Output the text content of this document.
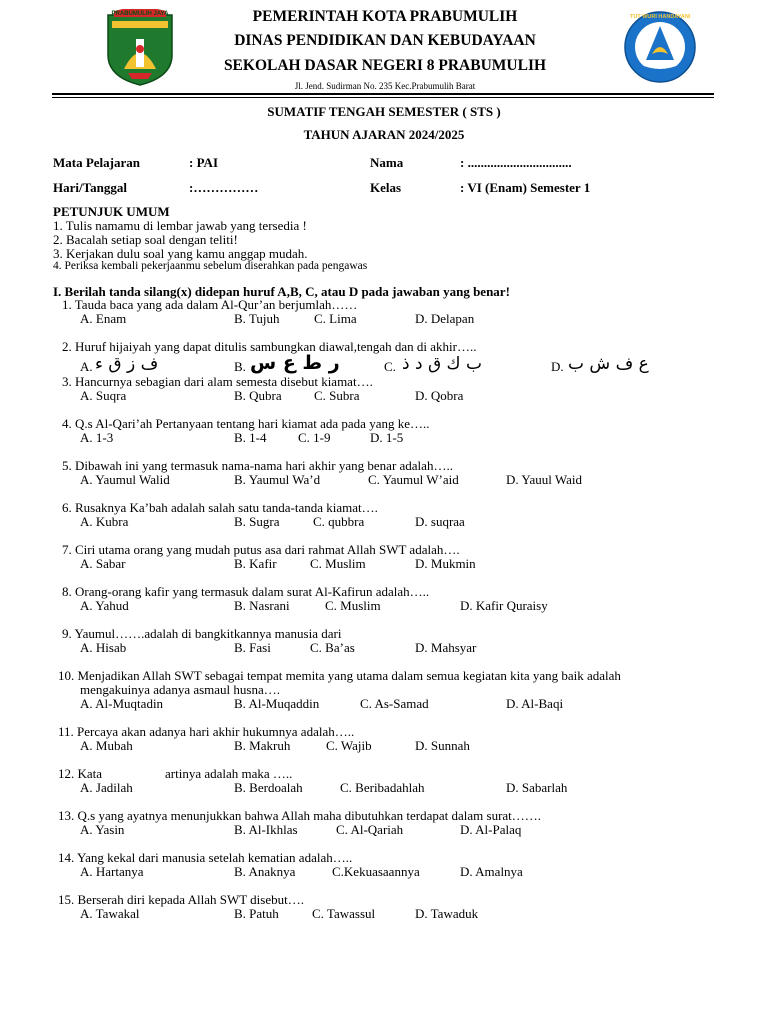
PRABUMULIH JAYA	PEMERINTAH KOTA PRABUMULIH
DINAS PENDIDIKAN DAN KEBUDAYAAN
SEKOLAH DASAR NEGERI 8 PRABUMULIH
Jl. Jend. Sudirman No. 235 Kec.Prabumulih Barat
TUT WURI HANDAYANI
SUMATIF TENGAH SEMESTER ( STS )
TAHUN AJARAN 2024/2025
Mata Pelajaran	: PAI	Nama	: ................................
Hari/Tanggal	:……………	Kelas	: VI (Enam) Semester 1
PETUNJUK UMUM
1. Tulis namamu di lembar jawab yang tersedia !
2. Bacalah setiap soal dengan teliti!
3. Kerjakan dulu soal yang kamu anggap mudah.
4. Periksa kembali pekerjaanmu sebelum diserahkan pada pengawas
I. Berilah tanda silang(x) didepan huruf A,B, C, atau D pada jawaban yang benar!
1. Tauda baca yang ada dalam Al-Qur’an berjumlah……
A. Enam	B. Tujuh	C. Lima	D. Delapan
2. Huruf hijaiyah yang dapat ditulis sambungkan diawal,tengah dan di akhir…..
A. ف ز ق ء	B. ر ط ع س	C. ب ك ق د ذ	D. ع ف ش ب
3. Hancurnya sebagian dari alam semesta disebut kiamat….
A. Suqra	B. Qubra C. Subra	D. Qobra
4. Q.s Al-Qari’ah Pertanyaan tentang hari kiamat ada pada yang ke…..
A. 1-3	B. 1-4 C. 1-9	D. 1-5
5. Dibawah ini yang termasuk nama-nama hari akhir yang benar adalah…..
A. Yaumul Walid	B. Yaumul Wa’d	C. Yaumul W’aid	D. Yauul Waid
6. Rusaknya Ka’bah adalah salah satu tanda-tanda kiamat….
A. Kubra	B. Sugra	C. qubbra	D. suqraa
7. Ciri utama orang yang mudah putus asa dari rahmat Allah SWT adalah….
A. Sabar	B. Kafir	C. Muslim	D. Mukmin
8. Orang-orang kafir yang termasuk dalam surat Al-Kafirun adalah…..
A. Yahud	B. Nasrani	C. Muslim	D. Kafir Quraisy
9. Yaumul…….adalah di bangkitkannya manusia dari
A. Hisab	B. Fasi	C. Ba’as	D. Mahsyar
10. Menjadikan Allah SWT sebagai tempat memita yang utama dalam semua kegiatan kita yang baik adalah
mengakuinya adanya asmaul husna….
A. Al-Muqtadin	B. Al-Muqaddin	C. As-Samad	D. Al-Baqi
11. Percaya akan adanya hari akhir hukumnya adalah…..
A. Mubah	B. Makruh	C. Wajib	D. Sunnah
12. Kata	artinya adalah maka …..
A. Jadilah	B. Berdoalah	C. Beribadahlah	D. Sabarlah
13. Q.s yang ayatnya menunjukkan bahwa Allah maha dibutuhkan terdapat dalam surat…….
A. Yasin	B. Al-Ikhlas	C. Al-Qariah	D. Al-Palaq
14. Yang kekal dari manusia setelah kematian adalah…..
A. Hartanya	B. Anaknya	C.Kekuasaannya	D. Amalnya
15. Berserah diri kepada Allah SWT disebut….
A. Tawakal	B. Patuh	C. Tawassul	D. Tawaduk
